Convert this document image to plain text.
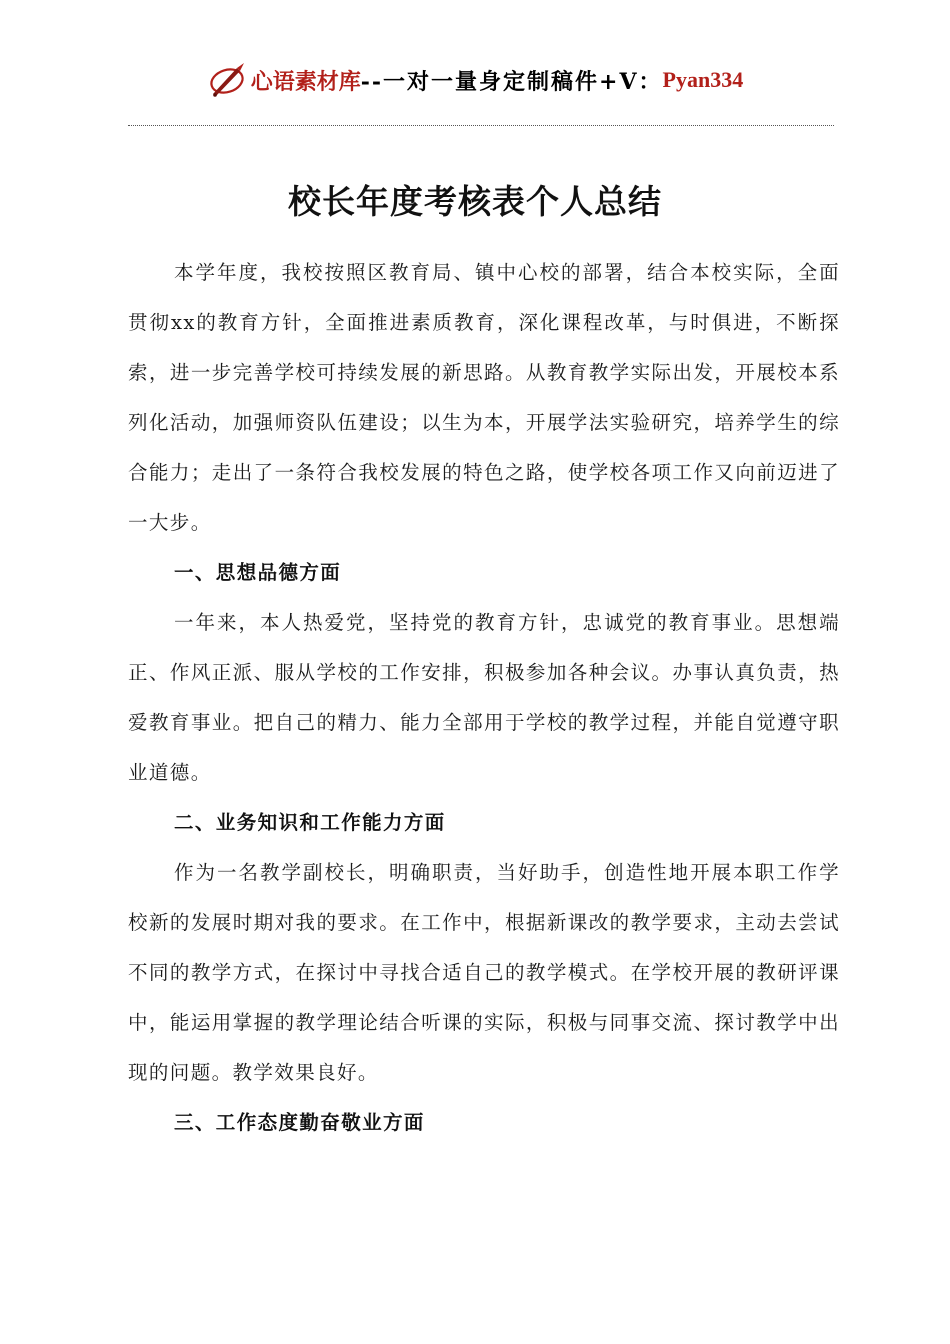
心语素材库 --一对一量身定制稿件+V： Pyan334
校长年度考核表个人总结

本学年度，我校按照区教育局、镇中心校的部署，结合本校实际，全面贯彻xx的教育方针，全面推进素质教育，深化课程改革，与时俱进，不断探索，进一步完善学校可持续发展的新思路。从教育教学实际出发，开展校本系列化活动，加强师资队伍建设；以生为本，开展学法实验研究，培养学生的综合能力；走出了一条符合我校发展的特色之路，使学校各项工作又向前迈进了一大步。

一、思想品德方面

一年来，本人热爱党，坚持党的教育方针，忠诚党的教育事业。思想端正、作风正派、服从学校的工作安排，积极参加各种会议。办事认真负责，热爱教育事业。把自己的精力、能力全部用于学校的教学过程，并能自觉遵守职业道德。

二、业务知识和工作能力方面

作为一名教学副校长，明确职责，当好助手，创造性地开展本职工作学校新的发展时期对我的要求。在工作中，根据新课改的教学要求，主动去尝试不同的教学方式，在探讨中寻找合适自己的教学模式。在学校开展的教研评课中，能运用掌握的教学理论结合听课的实际，积极与同事交流、探讨教学中出现的问题。教学效果良好。

三、工作态度勤奋敬业方面
